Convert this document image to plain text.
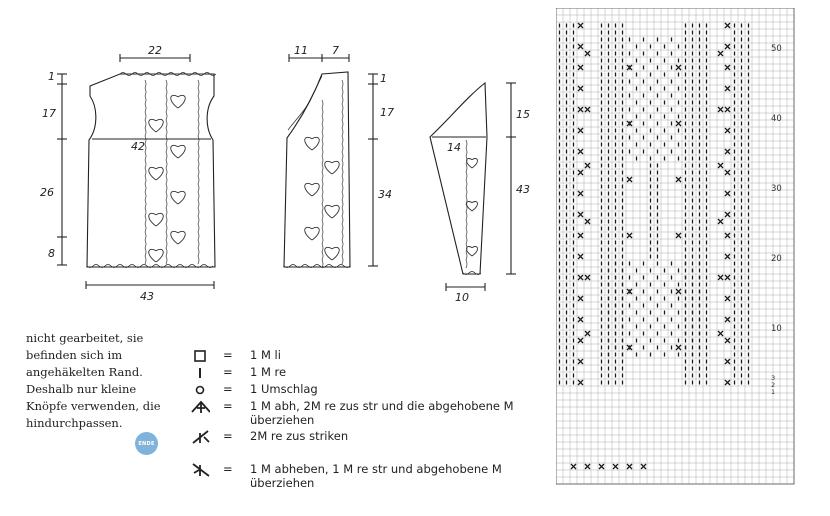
22
1
17
26
8
42
43
11 7
1
17
34
15
43
14
10
nicht gearbeitet, sie
befinden sich im
angehäkelten Rand.
Deshalb nur kleine
Knöpfe verwenden, die
hindurchpassen.
ENDE
= 1 M li
= 1 M re
= 1 Umschlag
= 1 M abh, 2M re zus str und die abgehobene M überziehen
= 2M re zus striken
= 1 M abheben, 1 M re str und abgehobene M überziehen
50
40
30
20
10
3
2
1
